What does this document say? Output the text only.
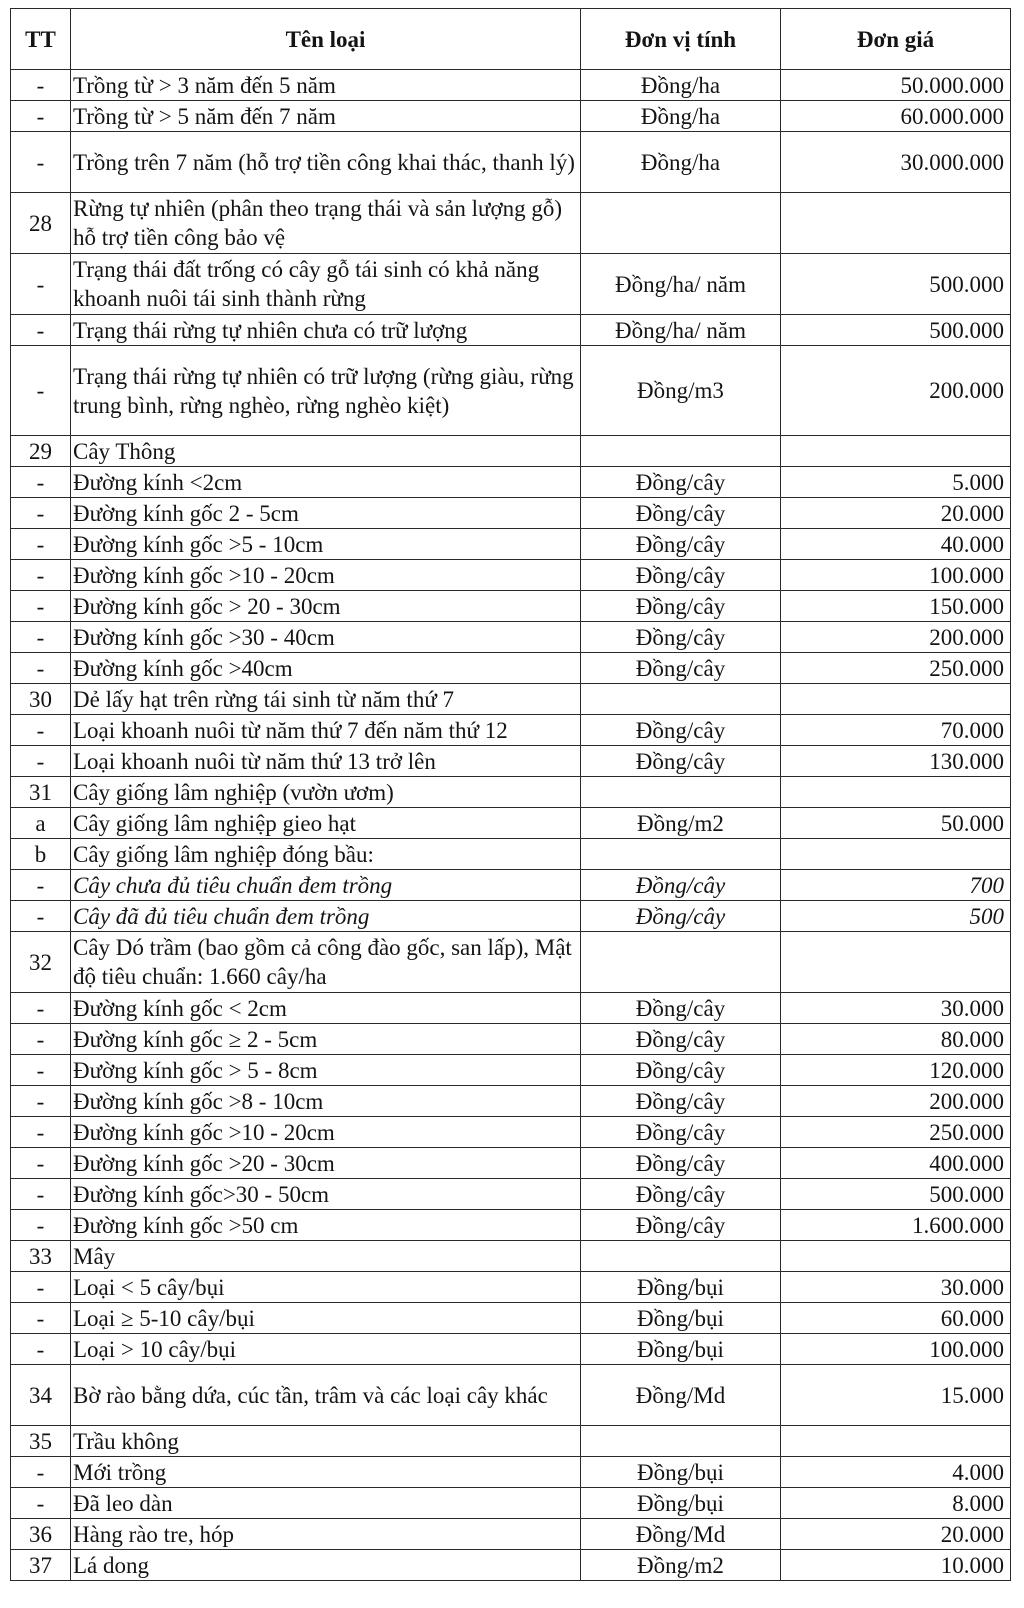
TT	Tên loại	Đơn vị tính	Đơn giá
-	Trồng từ > 3 năm đến 5 năm	Đồng/ha	50.000.000
-	Trồng từ > 5 năm đến 7 năm	Đồng/ha	60.000.000
-	Trồng trên 7 năm (hỗ trợ tiền công khai thác, thanh lý)	Đồng/ha	30.000.000
28	Rừng tự nhiên (phân theo trạng thái và sản lượng gỗ) hỗ trợ tiền công bảo vệ		
-	Trạng thái đất trống có cây gỗ tái sinh có khả năng khoanh nuôi tái sinh thành rừng	Đồng/ha/ năm	500.000
-	Trạng thái rừng tự nhiên chưa có trữ lượng	Đồng/ha/ năm	500.000
-	Trạng thái rừng tự nhiên có trữ lượng (rừng giàu, rừng trung bình, rừng nghèo, rừng nghèo kiệt)	Đồng/m3	200.000
29	Cây Thông		
-	Đường kính <2cm	Đồng/cây	5.000
-	Đường kính gốc 2 - 5cm	Đồng/cây	20.000
-	Đường kính gốc >5 - 10cm	Đồng/cây	40.000
-	Đường kính gốc >10 - 20cm	Đồng/cây	100.000
-	Đường kính gốc > 20 - 30cm	Đồng/cây	150.000
-	Đường kính gốc >30 - 40cm	Đồng/cây	200.000
-	Đường kính gốc >40cm	Đồng/cây	250.000
30	Dẻ lấy hạt trên rừng tái sinh từ năm thứ 7		
-	Loại khoanh nuôi từ năm thứ 7 đến năm thứ 12	Đồng/cây	70.000
-	Loại khoanh nuôi từ năm thứ 13 trở lên	Đồng/cây	130.000
31	Cây giống lâm nghiệp (vườn ươm)		
a	Cây giống lâm nghiệp gieo hạt	Đồng/m2	50.000
b	Cây giống lâm nghiệp đóng bầu:		
-	Cây chưa đủ tiêu chuẩn đem trồng	Đồng/cây	700
-	Cây đã đủ tiêu chuẩn đem trồng	Đồng/cây	500
32	Cây Dó trầm (bao gồm cả công đào gốc, san lấp), Mật độ tiêu chuẩn: 1.660 cây/ha		
-	Đường kính gốc < 2cm	Đồng/cây	30.000
-	Đường kính gốc ≥ 2 - 5cm	Đồng/cây	80.000
-	Đường kính gốc > 5 - 8cm	Đồng/cây	120.000
-	Đường kính gốc >8 - 10cm	Đồng/cây	200.000
-	Đường kính gốc >10 - 20cm	Đồng/cây	250.000
-	Đường kính gốc >20 - 30cm	Đồng/cây	400.000
-	Đường kính gốc>30 - 50cm	Đồng/cây	500.000
-	Đường kính gốc >50 cm	Đồng/cây	1.600.000
33	Mây		
-	Loại < 5 cây/bụi	Đồng/bụi	30.000
-	Loại ≥ 5-10 cây/bụi	Đồng/bụi	60.000
-	Loại > 10 cây/bụi	Đồng/bụi	100.000
34	Bờ rào bằng dứa, cúc tần, trâm và các loại cây khác	Đồng/Md	15.000
35	Trầu không		
-	Mới trồng	Đồng/bụi	4.000
-	Đã leo dàn	Đồng/bụi	8.000
36	Hàng rào tre, hóp	Đồng/Md	20.000
37	Lá dong	Đồng/m2	10.000
